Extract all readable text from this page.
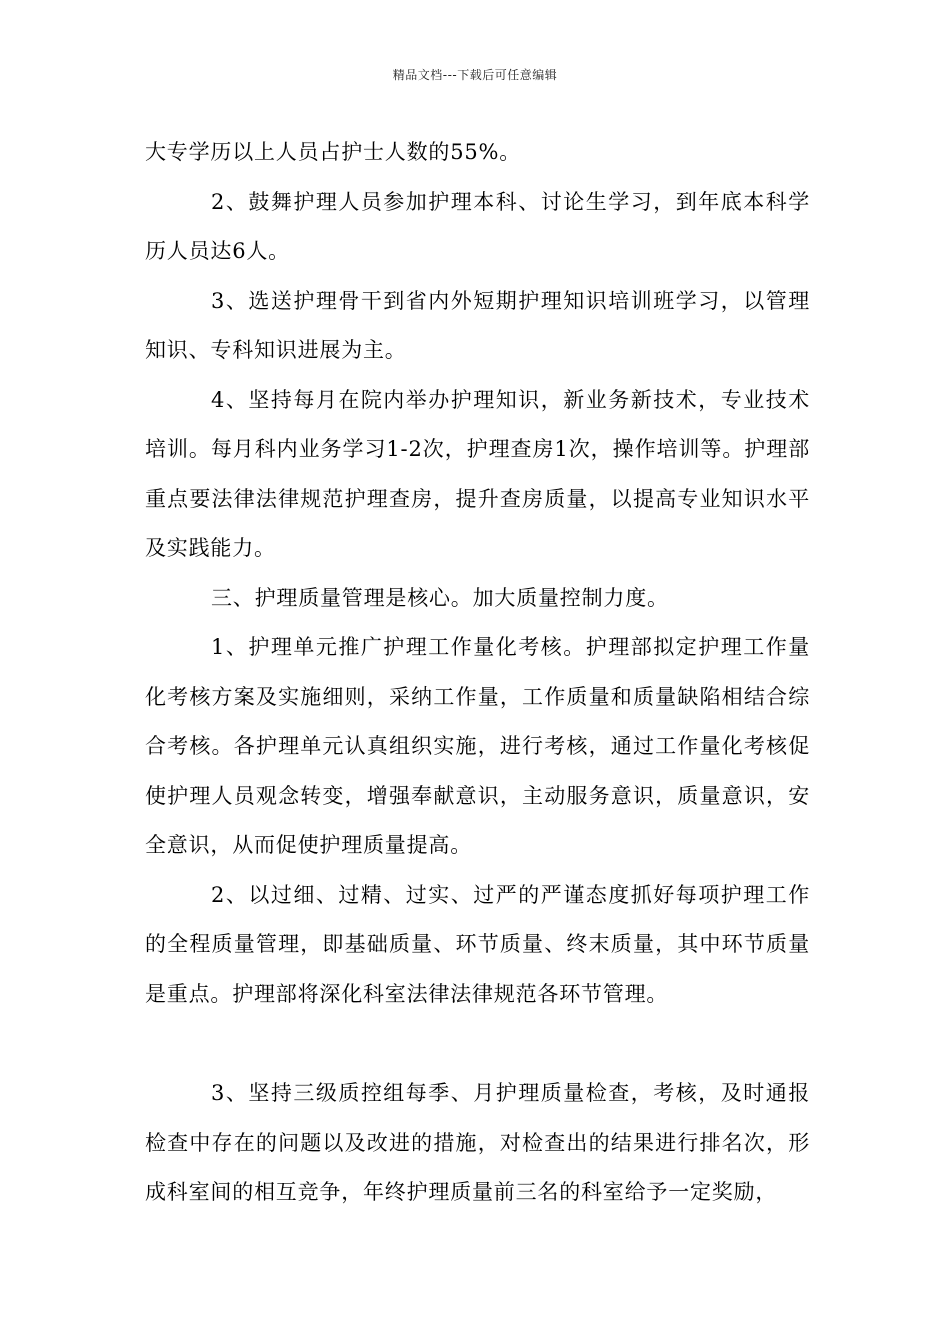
精品文档---下载后可任意编辑

大专学历以上人员占护士人数的55%。

2、鼓舞护理人员参加护理本科、讨论生学习，到年底本科学历人员达6人。

3、选送护理骨干到省内外短期护理知识培训班学习，以管理知识、专科知识进展为主。

4、坚持每月在院内举办护理知识，新业务新技术，专业技术培训。每月科内业务学习1-2次，护理查房1次，操作培训等。护理部重点要法律法律规范护理查房，提升查房质量，以提高专业知识水平及实践能力。

三、护理质量管理是核心。加大质量控制力度。

1、护理单元推广护理工作量化考核。护理部拟定护理工作量化考核方案及实施细则，采纳工作量，工作质量和质量缺陷相结合综合考核。各护理单元认真组织实施，进行考核，通过工作量化考核促使护理人员观念转变，增强奉献意识，主动服务意识，质量意识，安全意识，从而促使护理质量提高。

2、以过细、过精、过实、过严的严谨态度抓好每项护理工作的全程质量管理，即基础质量、环节质量、终末质量，其中环节质量是重点。护理部将深化科室法律法律规范各环节管理。

3、坚持三级质控组每季、月护理质量检查，考核，及时通报检查中存在的问题以及改进的措施，对检查出的结果进行排名次，形成科室间的相互竞争，年终护理质量前三名的科室给予一定奖励，
